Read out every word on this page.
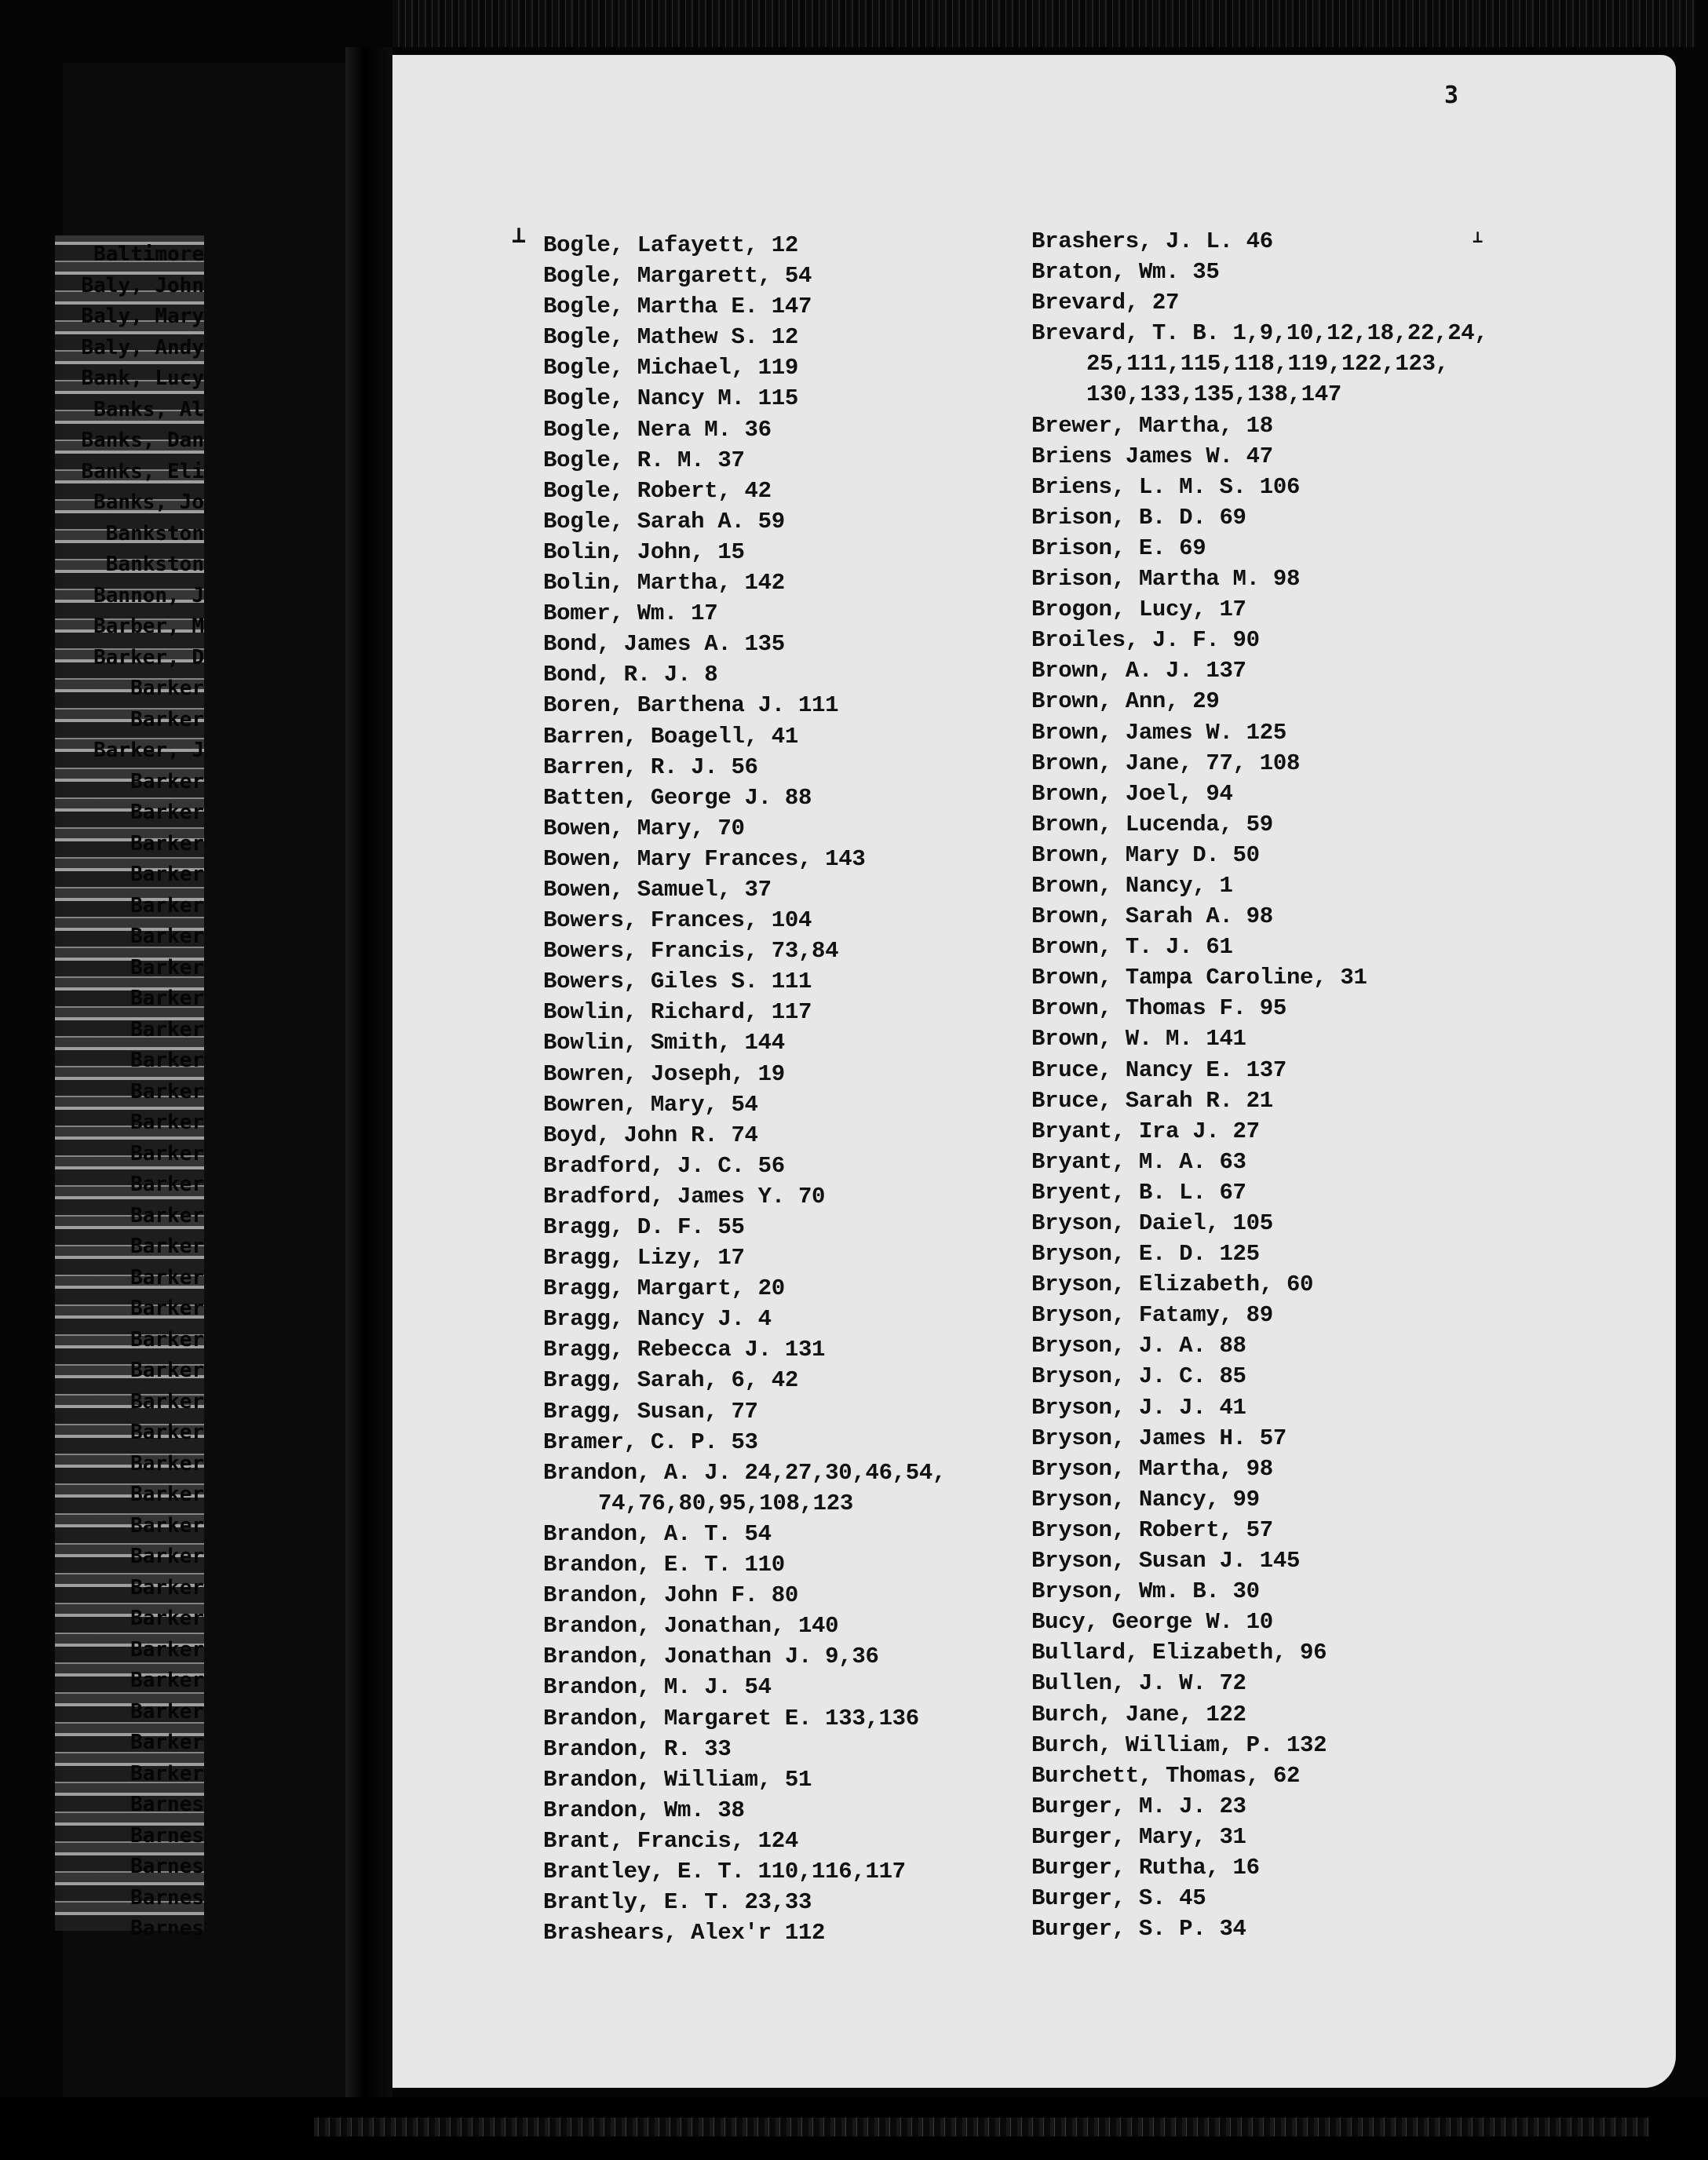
Baltimore
Baly, John
Baly, Mary
Baly, Andy
Bank, Lucy
Banks, Al
Banks, Dan
Banks, Eli
Banks, Jo
Bankston
Bankston
Bannon, J
Barber, M
Barker, D
Barker
Barker
Barker, J
Barker
Barker
Barker
Barker
Barker
Barker
Barker
Barker
Barker
Barker
Barker
Barker
Barker
Barker
Barker
Barker
Barker
Barker
Barker
Barker
Barker
Barker
Barker
Barker
Barker
Barker
Barker
Barker
Barker
Barker
Barker
Barker
Barker
Barnes
Barnes
Barnes
Barnes
Barnes
3
⊥	⊥
Bogle, Lafayett, 12
Bogle, Margarett, 54
Bogle, Martha E. 147
Bogle, Mathew S. 12
Bogle, Michael, 119
Bogle, Nancy M. 115
Bogle, Nera M. 36
Bogle, R. M. 37
Bogle, Robert, 42
Bogle, Sarah A. 59
Bolin, John, 15
Bolin, Martha, 142
Bomer, Wm. 17
Bond, James A. 135
Bond, R. J. 8
Boren, Barthena J. 111
Barren, Boagell, 41
Barren, R. J. 56
Batten, George J. 88
Bowen, Mary, 70
Bowen, Mary Frances, 143
Bowen, Samuel, 37
Bowers, Frances, 104
Bowers, Francis, 73,84
Bowers, Giles S. 111
Bowlin, Richard, 117
Bowlin, Smith, 144
Bowren, Joseph, 19
Bowren, Mary, 54
Boyd, John R. 74
Bradford, J. C. 56
Bradford, James Y. 70
Bragg, D. F. 55
Bragg, Lizy, 17
Bragg, Margart, 20
Bragg, Nancy J. 4
Bragg, Rebecca J. 131
Bragg, Sarah, 6, 42
Bragg, Susan, 77
Bramer, C. P. 53
Brandon, A. J. 24,27,30,46,54,
74,76,80,95,108,123
Brandon, A. T. 54
Brandon, E. T. 110
Brandon, John F. 80
Brandon, Jonathan, 140
Brandon, Jonathan J. 9,36
Brandon, M. J. 54
Brandon, Margaret E. 133,136
Brandon, R. 33
Brandon, William, 51
Brandon, Wm. 38
Brant, Francis, 124
Brantley, E. T. 110,116,117
Brantly, E. T. 23,33
Brashears, Alex'r 112
Brashers, J. L. 46
Braton, Wm. 35
Brevard, 27
Brevard, T. B. 1,9,10,12,18,22,24,
25,111,115,118,119,122,123,
130,133,135,138,147
Brewer, Martha, 18
Briens James W. 47
Briens, L. M. S. 106
Brison, B. D. 69
Brison, E. 69
Brison, Martha M. 98
Brogon, Lucy, 17
Broiles, J. F. 90
Brown, A. J. 137
Brown, Ann, 29
Brown, James W. 125
Brown, Jane, 77, 108
Brown, Joel, 94
Brown, Lucenda, 59
Brown, Mary D. 50
Brown, Nancy, 1
Brown, Sarah A. 98
Brown, T. J. 61
Brown, Tampa Caroline, 31
Brown, Thomas F. 95
Brown, W. M. 141
Bruce, Nancy E. 137
Bruce, Sarah R. 21
Bryant, Ira J. 27
Bryant, M. A. 63
Bryent, B. L. 67
Bryson, Daiel, 105
Bryson, E. D. 125
Bryson, Elizabeth, 60
Bryson, Fatamy, 89
Bryson, J. A. 88
Bryson, J. C. 85
Bryson, J. J. 41
Bryson, James H. 57
Bryson, Martha, 98
Bryson, Nancy, 99
Bryson, Robert, 57
Bryson, Susan J. 145
Bryson, Wm. B. 30
Bucy, George W. 10
Bullard, Elizabeth, 96
Bullen, J. W. 72
Burch, Jane, 122
Burch, William, P. 132
Burchett, Thomas, 62
Burger, M. J. 23
Burger, Mary, 31
Burger, Rutha, 16
Burger, S. 45
Burger, S. P. 34
